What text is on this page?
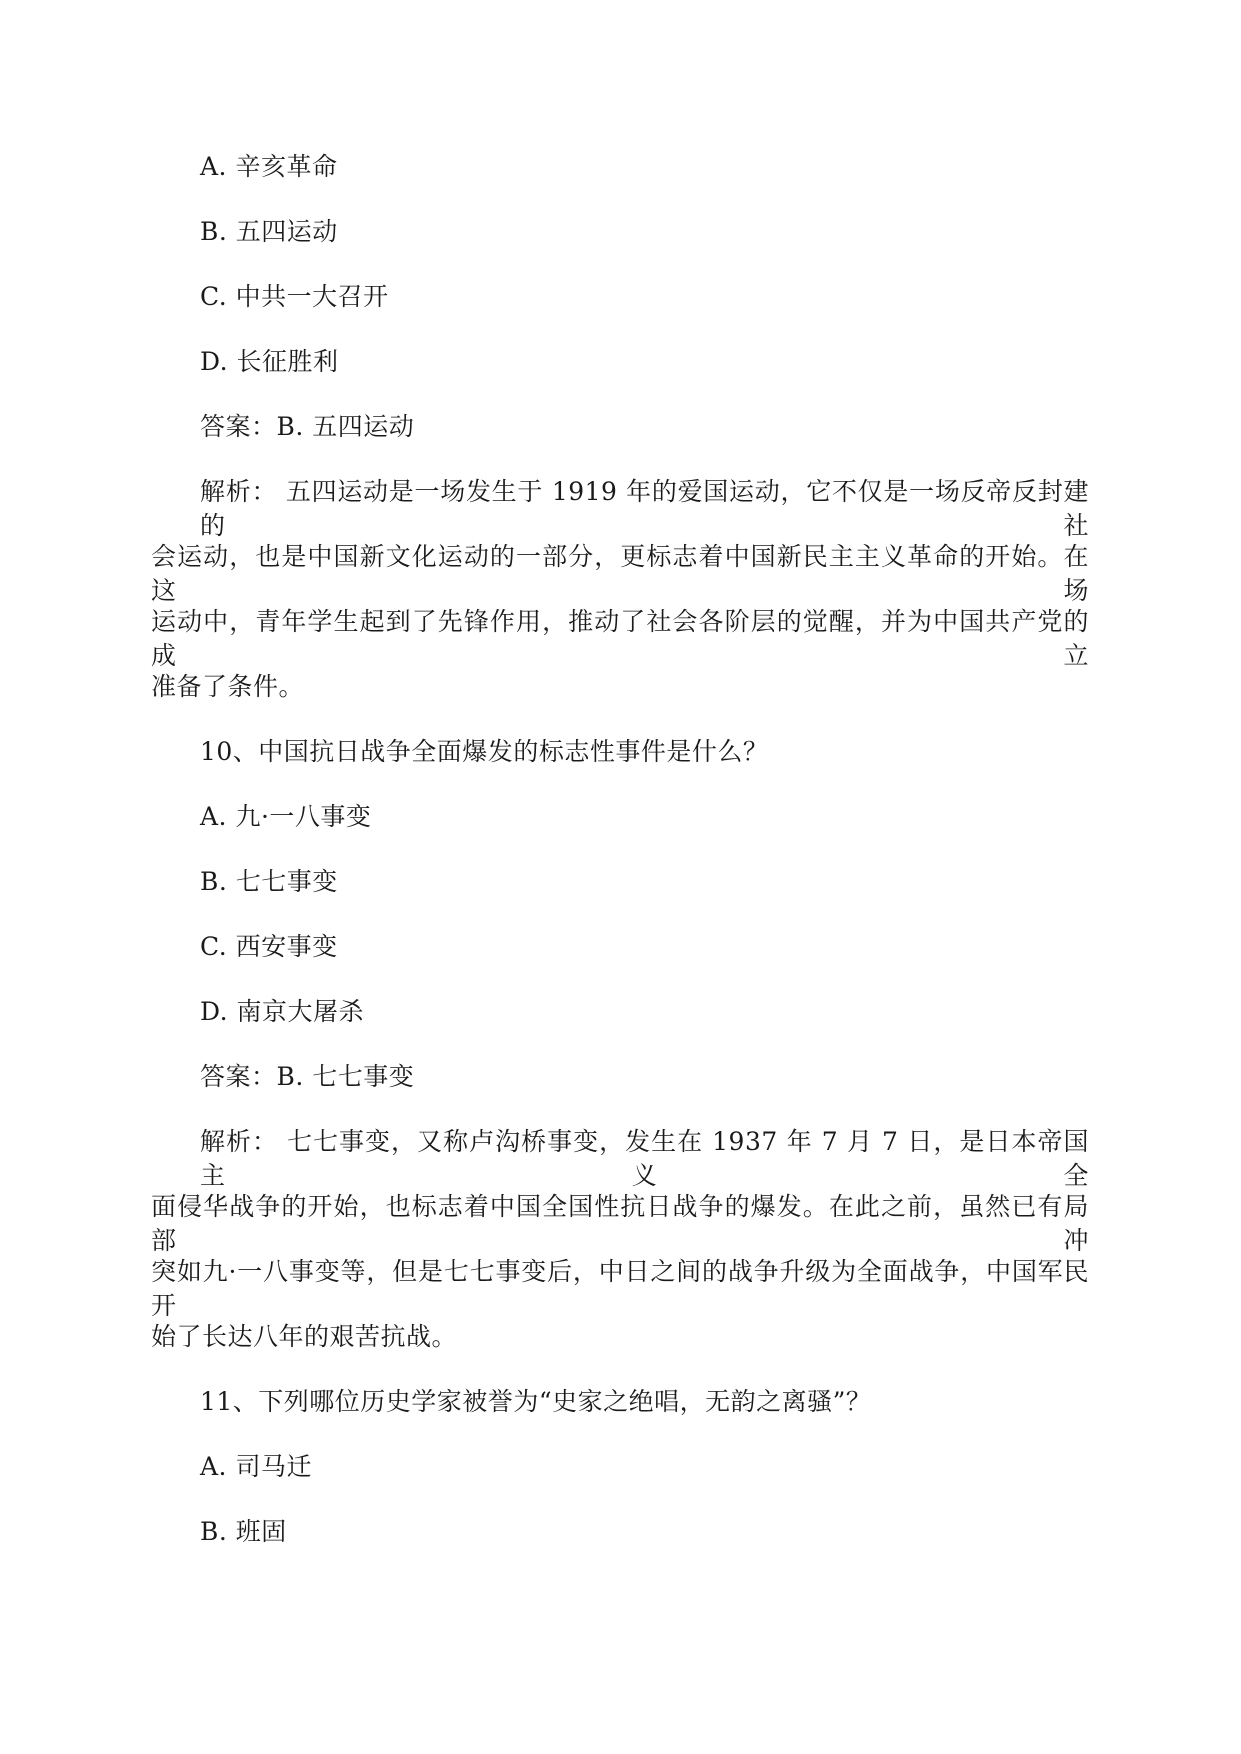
A. 辛亥革命
B. 五四运动
C. 中共一大召开
D. 长征胜利
答案：B. 五四运动
解析： 五四运动是一场发生于 1919 年的爱国运动，它不仅是一场反帝反封建的社
会运动，也是中国新文化运动的一部分，更标志着中国新民主主义革命的开始。在这场
运动中，青年学生起到了先锋作用，推动了社会各阶层的觉醒，并为中国共产党的成立
准备了条件。
10、中国抗日战争全面爆发的标志性事件是什么？
A. 九·一八事变
B. 七七事变
C. 西安事变
D. 南京大屠杀
答案：B. 七七事变
解析： 七七事变，又称卢沟桥事变，发生在 1937 年 7 月 7 日，是日本帝国主义全
面侵华战争的开始，也标志着中国全国性抗日战争的爆发。在此之前，虽然已有局部冲
突如九·一八事变等，但是七七事变后，中日之间的战争升级为全面战争，中国军民开
始了长达八年的艰苦抗战。
11、下列哪位历史学家被誉为“史家之绝唱，无韵之离骚”？
A. 司马迁
B. 班固
